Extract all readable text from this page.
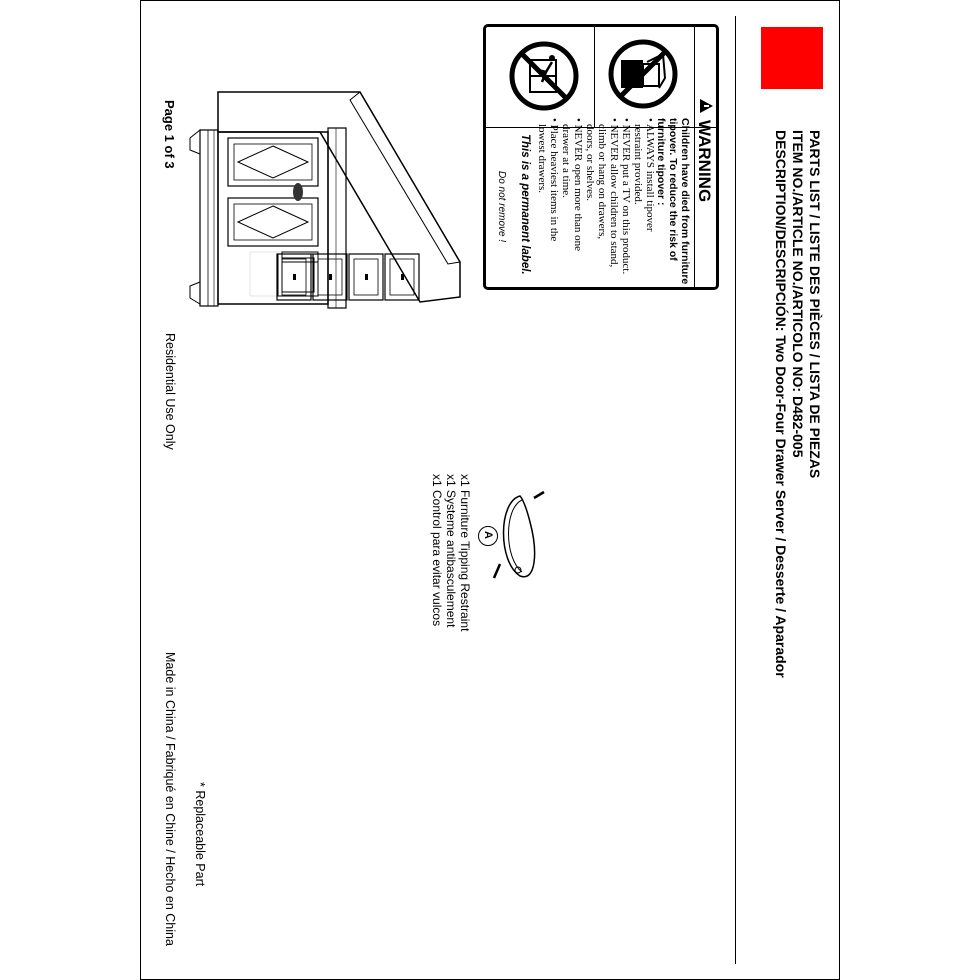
PARTS LIST / LISTE DES PIÈCES / LISTA DE PIEZAS
ITEM NO./ARTICLE NO./ARTICOLO NO: D482-005
DESCRIPTION/DESCRIPCIÓN: Two Door-Four Drawer Server / Desserte / Aparador
WARNING
Children have died from furniture
tipover. To reduce the risk of
furniture tipover :
• ALWAYS install tipover
restraint provided.
• NEVER put a TV on this product.
• NEVER allow children to stand,
climb or hang on drawers,
doors, or shelves.
• NEVER open more than one
drawer at a time.
• Place heaviest items in the
lowest drawers.
This is a permanent label.
Do not remove !
A
x1 Furniture Tipping Restraint
x1 Systeme antibasculement
x1 Control para evitar vulcos
Page 1 of 3
Residential Use Only
Made in China / Fabriqué en Chine / Hecho en China * Replaceable Part
